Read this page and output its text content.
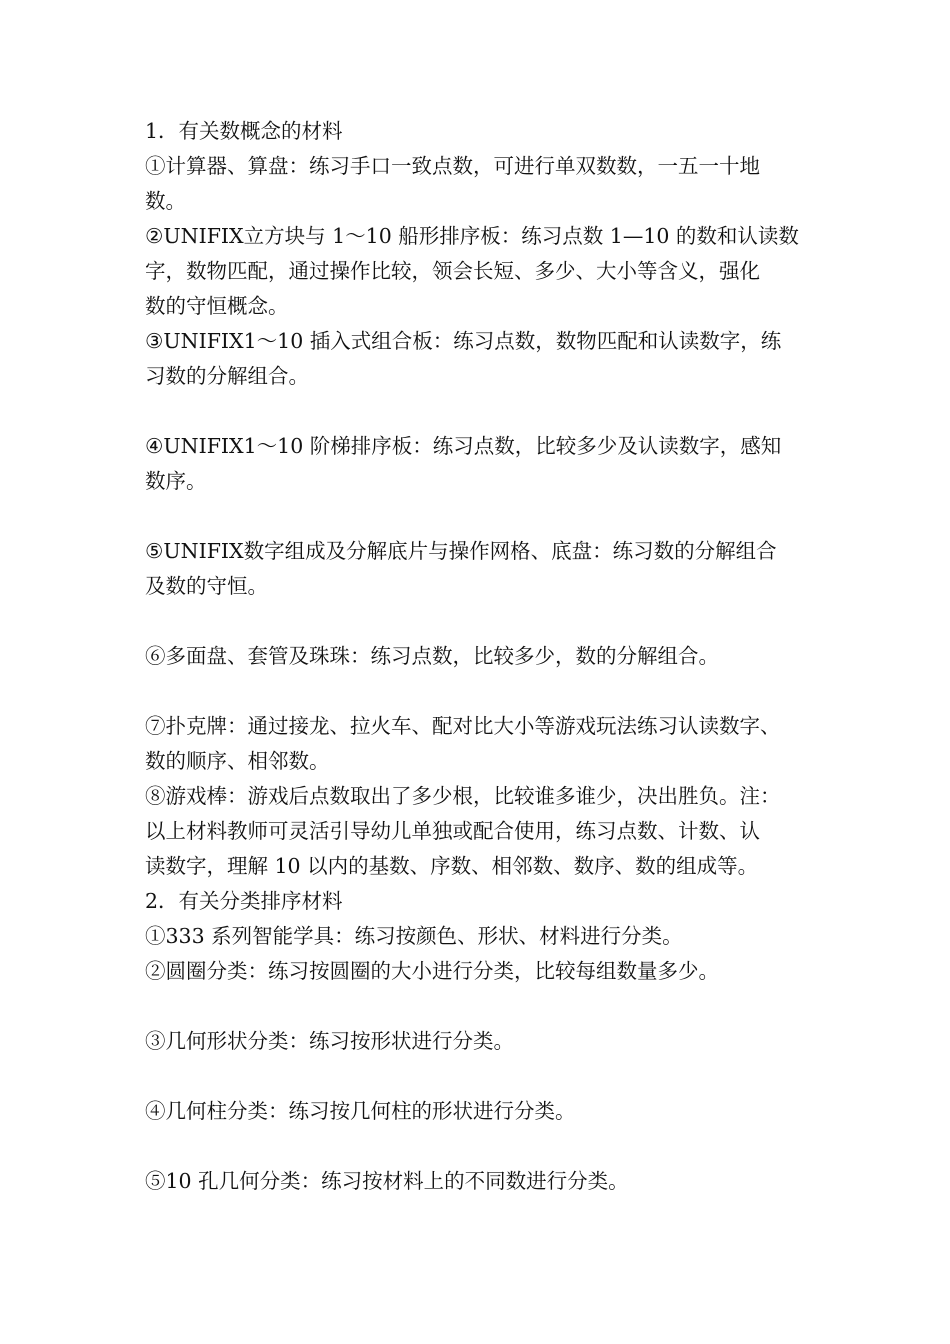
1．有关数概念的材料
①计算器、算盘：练习手口一致点数，可进行单双数数，一五一十地
数。
②UNIFIX立方块与 1～10 船形排序板：练习点数 1—10 的数和认读数
字，数物匹配，通过操作比较，领会长短、多少、大小等含义，强化
数的守恒概念。
③UNIFIX1～10 插入式组合板：练习点数，数物匹配和认读数字，练
习数的分解组合。
④UNIFIX1～10 阶梯排序板：练习点数，比较多少及认读数字，感知
数序。
⑤UNIFIX数字组成及分解底片与操作网格、底盘：练习数的分解组合
及数的守恒。
⑥多面盘、套管及珠珠：练习点数，比较多少，数的分解组合。
⑦扑克牌：通过接龙、拉火车、配对比大小等游戏玩法练习认读数字、
数的顺序、相邻数。
⑧游戏棒：游戏后点数取出了多少根，比较谁多谁少，决出胜负。注：
以上材料教师可灵活引导幼儿单独或配合使用，练习点数、计数、认
读数字，理解 10 以内的基数、序数、相邻数、数序、数的组成等。
2．有关分类排序材料
①333 系列智能学具：练习按颜色、形状、材料进行分类。
②圆圈分类：练习按圆圈的大小进行分类，比较每组数量多少。
③几何形状分类：练习按形状进行分类。
④几何柱分类：练习按几何柱的形状进行分类。
⑤10 孔几何分类：练习按材料上的不同数进行分类。
